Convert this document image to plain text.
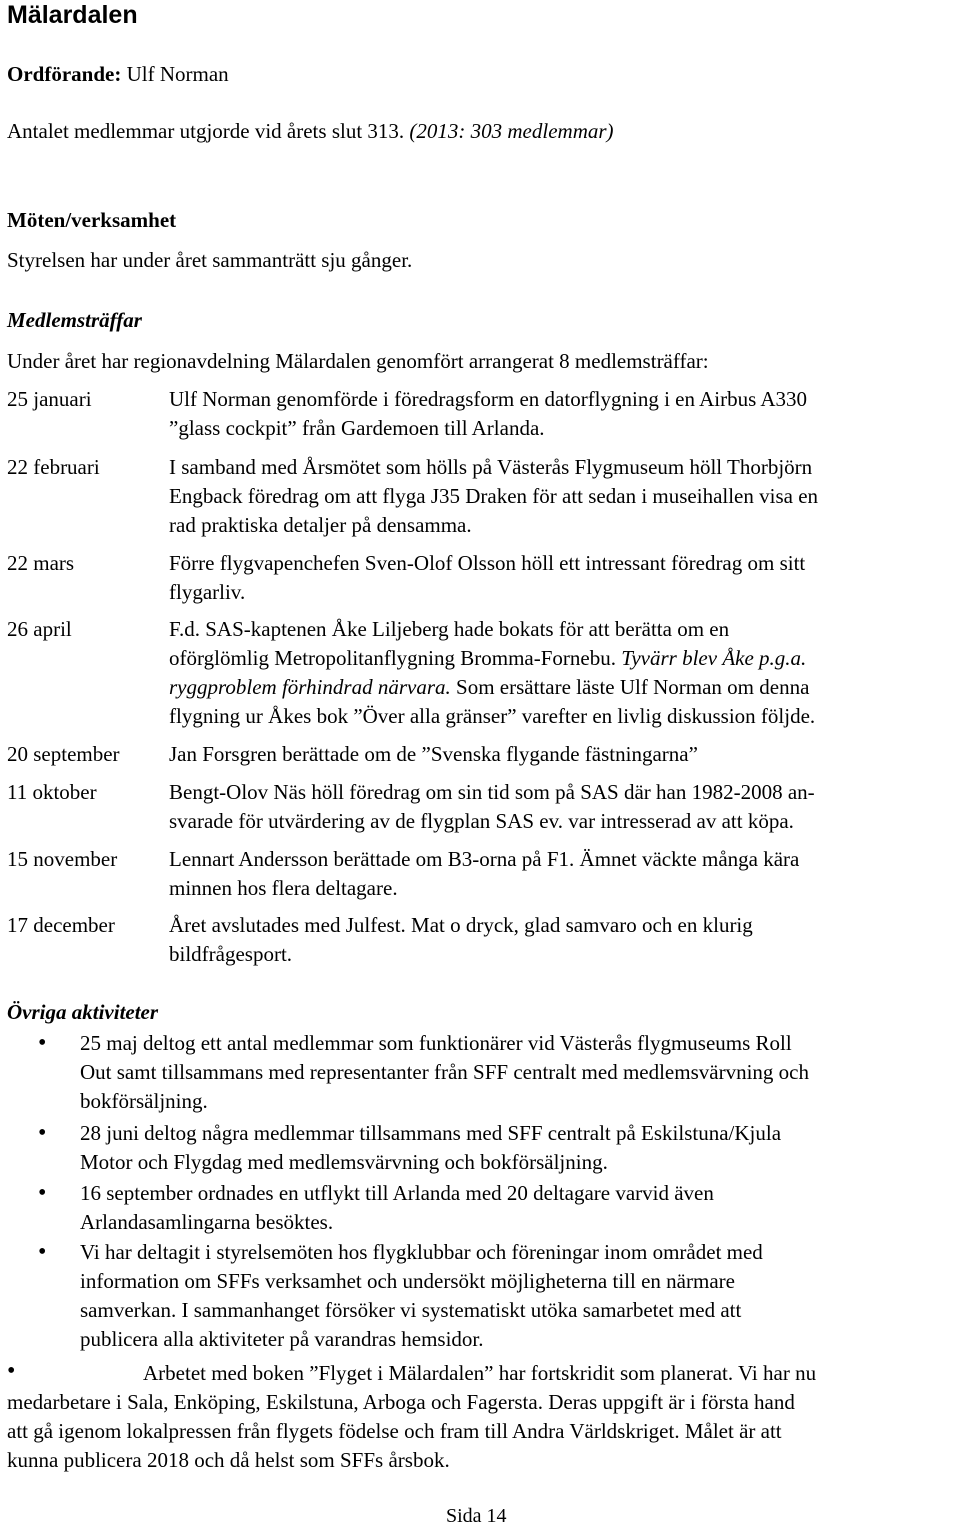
Mälardalen
Ordförande: Ulf Norman
Antalet medlemmar utgjorde vid årets slut 313. (2013: 303 medlemmar)
Möten/verksamhet
Styrelsen har under året sammanträtt sju gånger.
Medlemsträffar
Under året har regionavdelning Mälardalen genomfört arrangerat 8 medlemsträffar:
25 januari	Ulf Norman genomförde i föredragsform en datorflygning i en Airbus A330
”glass cockpit” från Gardemoen till Arlanda.
22 februari	I samband med Årsmötet som hölls på Västerås Flygmuseum höll Thorbjörn
Engback föredrag om att flyga J35 Draken för att sedan i museihallen visa en
rad praktiska detaljer på densamma.
22 mars	Förre flygvapenchefen Sven-Olof Olsson höll ett intressant föredrag om sitt
flygarliv.
26 april	F.d. SAS-kaptenen Åke Liljeberg hade bokats för att berätta om en
oförglömlig Metropolitanflygning Bromma-Fornebu. Tyvärr blev Åke p.g.a.
ryggproblem förhindrad närvara. Som ersättare läste Ulf Norman om denna
flygning ur Åkes bok ”Över alla gränser” varefter en livlig diskussion följde.
20 september Jan Forsgren berättade om de ”Svenska flygande fästningarna”
11 oktober	Bengt-Olov Näs höll föredrag om sin tid som på SAS där han 1982-2008 an-
svarade för utvärdering av de flygplan SAS ev. var intresserad av att köpa.
15 november Lennart Andersson berättade om B3-orna på F1. Ämnet väckte många kära
minnen hos flera deltagare.
17 december	Året avslutades med Julfest. Mat o dryck, glad samvaro och en klurig
bildfrågesport.
Övriga aktiviteter
• 25 maj deltog ett antal medlemmar som funktionärer vid Västerås flygmuseums Roll
Out samt tillsammans med representanter från SFF centralt med medlemsvärvning och
bokförsäljning.
• 28 juni deltog några medlemmar tillsammans med SFF centralt på Eskilstuna/Kjula
Motor och Flygdag med medlemsvärvning och bokförsäljning.
• 16 september ordnades en utflykt till Arlanda med 20 deltagare varvid även
Arlandasamlingarna besöktes.
• Vi har deltagit i styrelsemöten hos flygklubbar och föreningar inom området med
information om SFFs verksamhet och undersökt möjligheterna till en närmare
samverkan. I sammanhanget försöker vi systematiskt utöka samarbetet med att
publicera alla aktiviteter på varandras hemsidor.
•	Arbetet med boken ”Flyget i Mälardalen” har fortskridit som planerat. Vi har nu
medarbetare i Sala, Enköping, Eskilstuna, Arboga och Fagersta. Deras uppgift är i första hand
att gå igenom lokalpressen från flygets födelse och fram till Andra Världskriget. Målet är att
kunna publicera 2018 och då helst som SFFs årsbok.
Sida 14
